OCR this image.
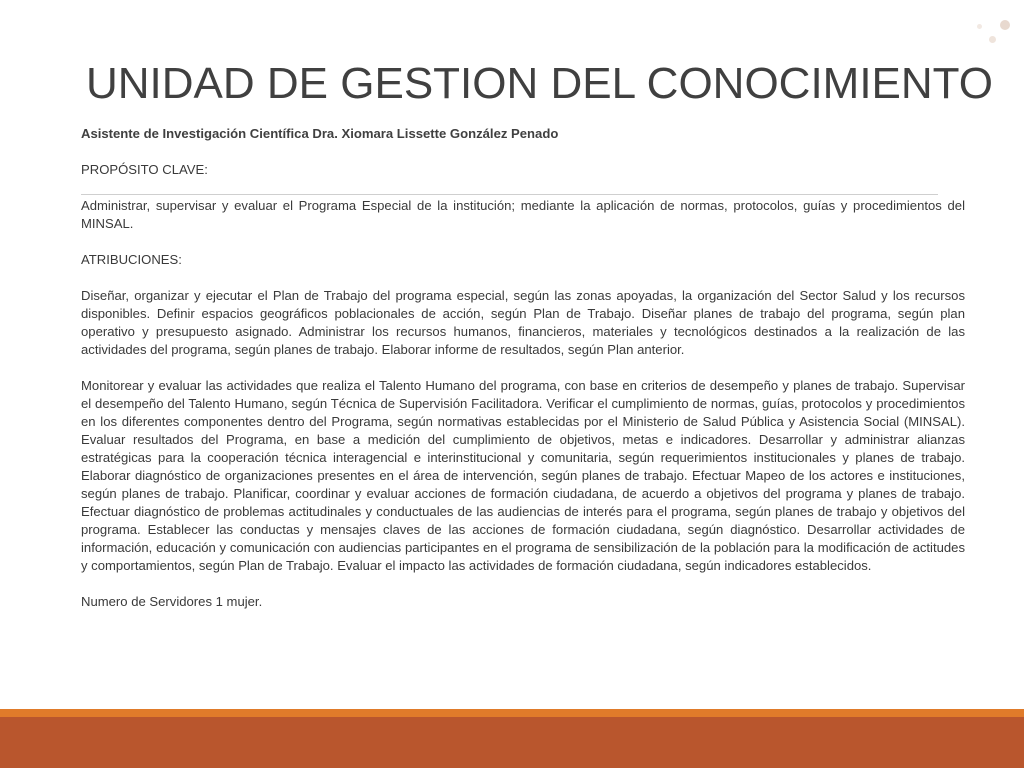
UNIDAD DE GESTION DEL CONOCIMIENTO

Asistente de Investigación Científica Dra. Xiomara Lissette González Penado

PROPÓSITO CLAVE:

Administrar, supervisar y evaluar el Programa Especial de la institución; mediante la aplicación de normas, protocolos, guías y procedimientos del MINSAL.

ATRIBUCIONES:

Diseñar, organizar y ejecutar el Plan de Trabajo del programa especial, según las zonas apoyadas, la organización del Sector Salud y los recursos disponibles. Definir espacios geográficos poblacionales de acción, según Plan de Trabajo. Diseñar planes de trabajo del programa, según plan operativo y presupuesto asignado. Administrar los recursos humanos, financieros, materiales y tecnológicos destinados a la realización de las actividades del programa, según planes de trabajo. Elaborar informe de resultados, según Plan anterior.

Monitorear y evaluar las actividades que realiza el Talento Humano del programa, con base en criterios de desempeño y planes de trabajo. Supervisar el desempeño del Talento Humano, según Técnica de Supervisión Facilitadora. Verificar el cumplimiento de normas, guías, protocolos y procedimientos en los diferentes componentes dentro del Programa, según normativas establecidas por el Ministerio de Salud Pública y Asistencia Social (MINSAL). Evaluar resultados del Programa, en base a medición del cumplimiento de objetivos, metas e indicadores. Desarrollar y administrar alianzas estratégicas para la cooperación técnica interagencial e interinstitucional y comunitaria, según requerimientos institucionales y planes de trabajo. Elaborar diagnóstico de organizaciones presentes en el área de intervención, según planes de trabajo. Efectuar Mapeo de los actores e instituciones, según planes de trabajo. Planificar, coordinar y evaluar acciones de formación ciudadana, de acuerdo a objetivos del programa y planes de trabajo. Efectuar diagnóstico de problemas actitudinales y conductuales de las audiencias de interés para el programa, según planes de trabajo y objetivos del programa. Establecer las conductas y mensajes claves de las acciones de formación ciudadana, según diagnóstico. Desarrollar actividades de información, educación y comunicación con audiencias participantes en el programa de sensibilización de la población para la modificación de actitudes y comportamientos, según Plan de Trabajo. Evaluar el impacto las actividades de formación ciudadana, según indicadores establecidos.

Numero de Servidores 1 mujer.
